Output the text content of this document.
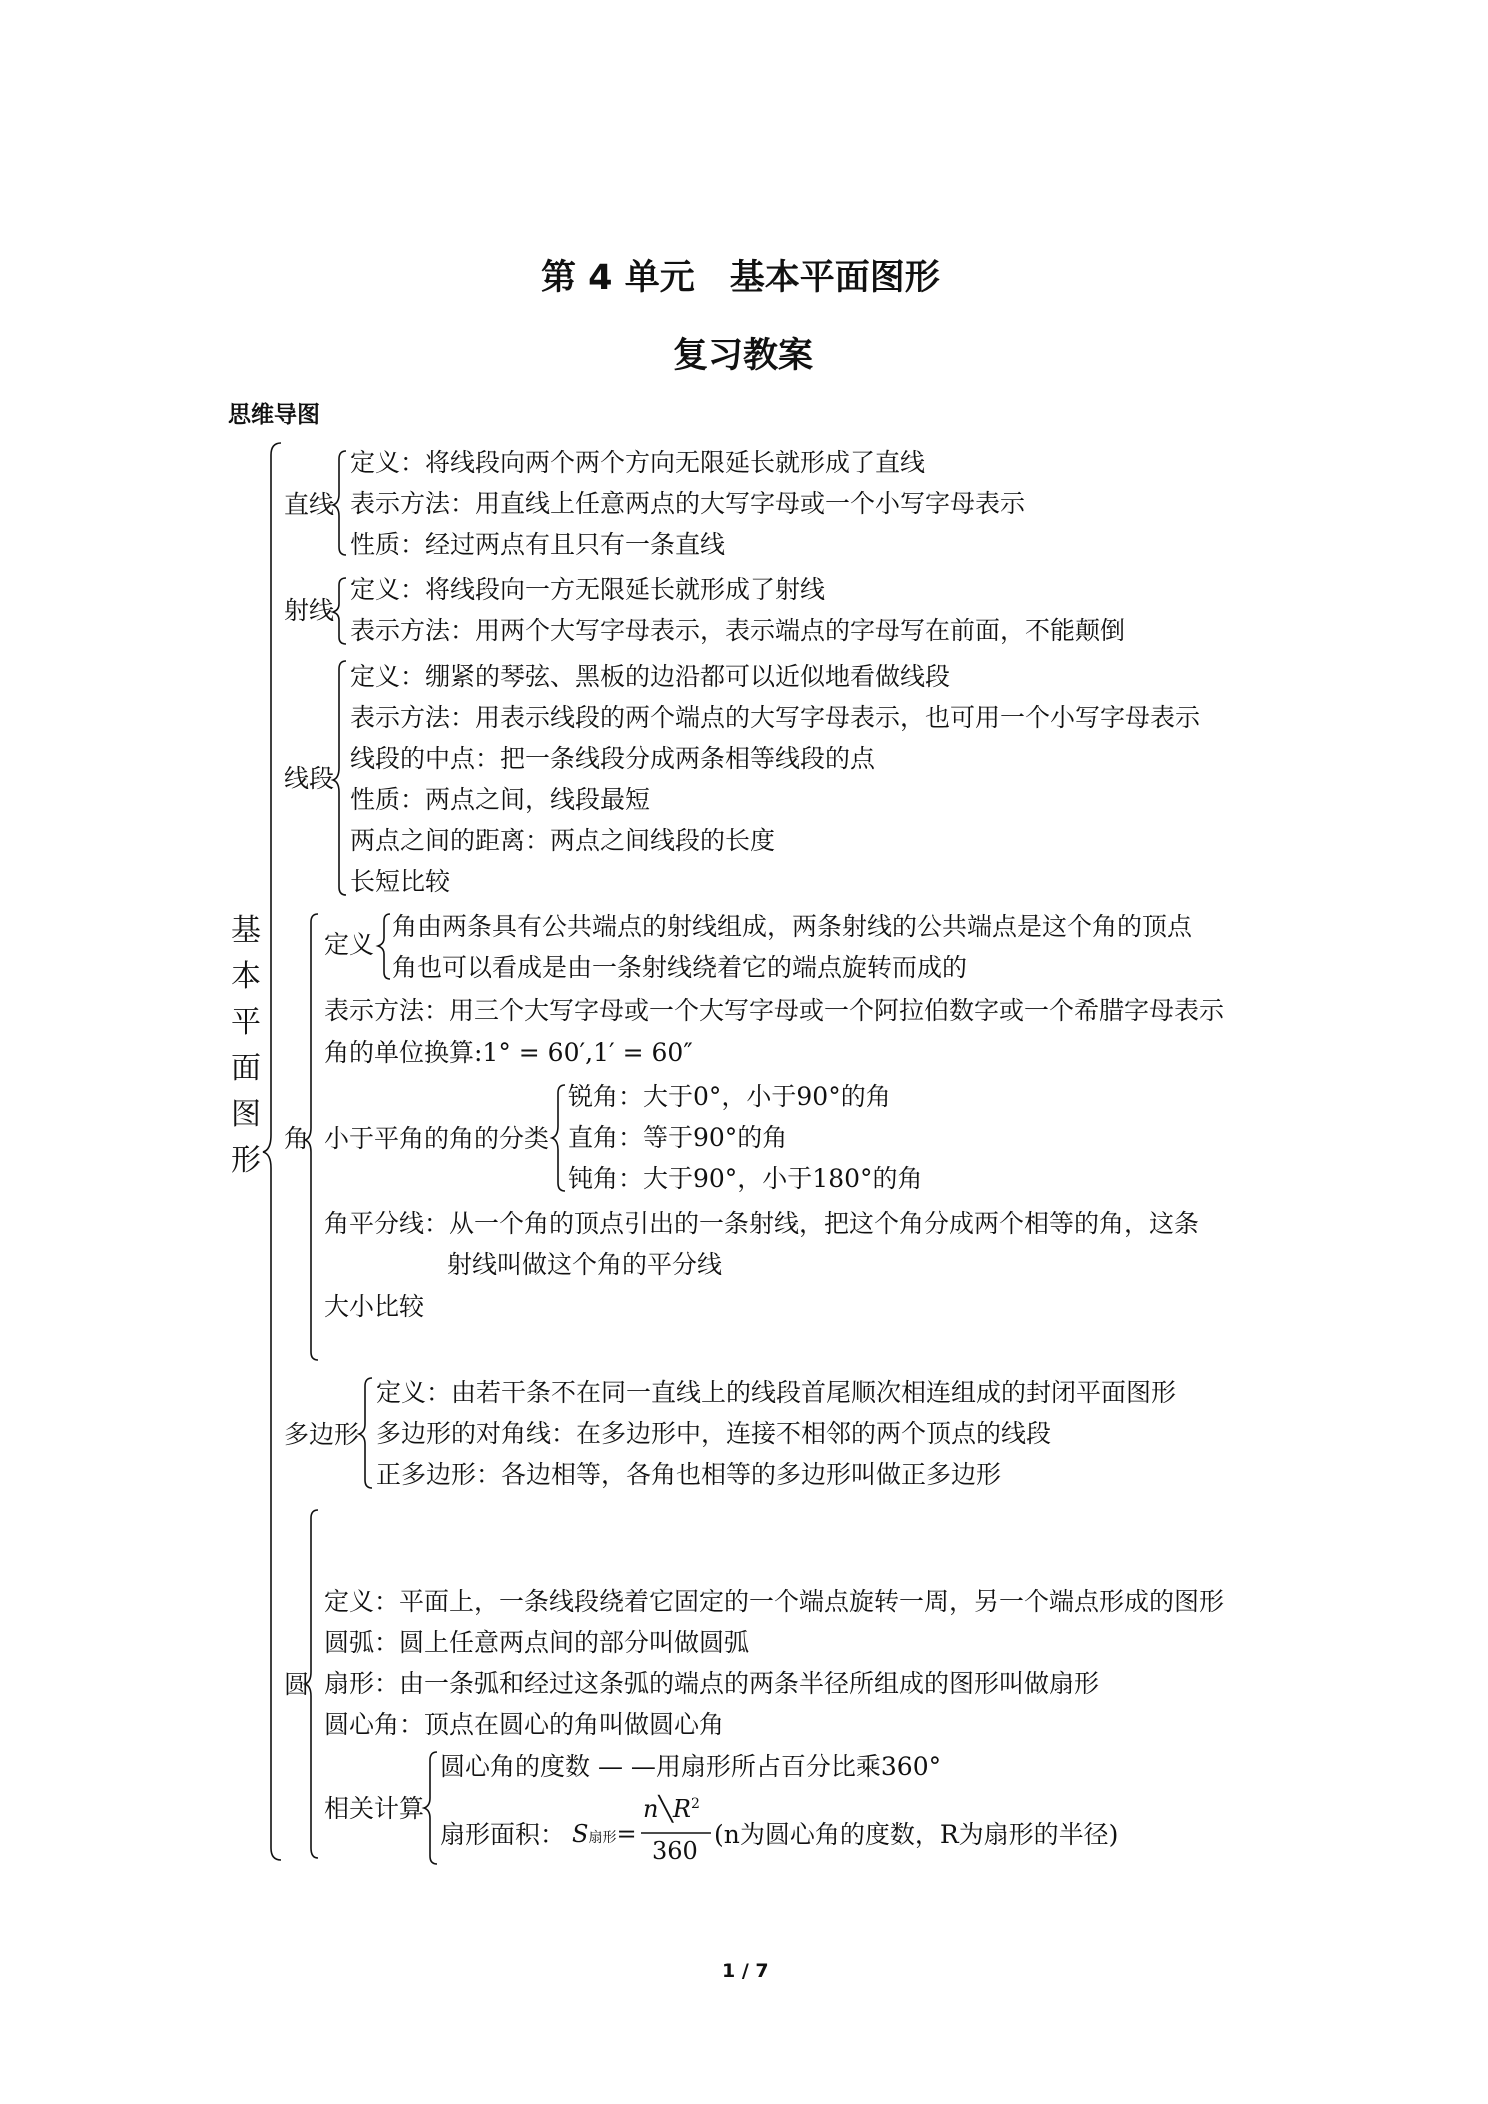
第 4 单元　基本平面图形
复习教案
思维导图
基
本
平
面
图
形
直线
定义：将线段向两个两个方向无限延长就形成了直线
表示方法：用直线上任意两点的大写字母或一个小写字母表示
性质：经过两点有且只有一条直线
射线
定义：将线段向一方无限延长就形成了射线
表示方法：用两个大写字母表示，表示端点的字母写在前面，不能颠倒
线段
定义：绷紧的琴弦、黑板的边沿都可以近似地看做线段
表示方法：用表示线段的两个端点的大写字母表示，也可用一个小写字母表示
线段的中点：把一条线段分成两条相等线段的点
性质：两点之间，线段最短
两点之间的距离：两点之间线段的长度
长短比较
角
定义
角由两条具有公共端点的射线组成，两条射线的公共端点是这个角的顶点
角也可以看成是由一条射线绕着它的端点旋转而成的
表示方法：用三个大写字母或一个大写字母或一个阿拉伯数字或一个希腊字母表示
角的单位换算:1° = 60′,1′ = 60″
小于平角的角的分类
锐角：大于0°，小于90°的角
直角：等于90°的角
钝角：大于90°，小于180°的角
角平分线：从一个角的顶点引出的一条射线，把这个角分成两个相等的角，这条
射线叫做这个角的平分线
大小比较
多边形
定义：由若干条不在同一直线上的线段首尾顺次相连组成的封闭平面图形
多边形的对角线：在多边形中，连接不相邻的两个顶点的线段
正多边形：各边相等，各角也相等的多边形叫做正多边形
圆
定义：平面上，一条线段绕着它固定的一个端点旋转一周，另一个端点形成的图形
圆弧：圆上任意两点间的部分叫做圆弧
扇形：由一条弧和经过这条弧的端点的两条半径所组成的图形叫做扇形
圆心角：顶点在圆心的角叫做圆心角
相关计算
圆心角的度数 — —用扇形所占百分比乘360°
扇形面积： S扇形=
$n╲R^2$
360
(n为圆心角的度数，R为扇形的半径)
1 / 7
